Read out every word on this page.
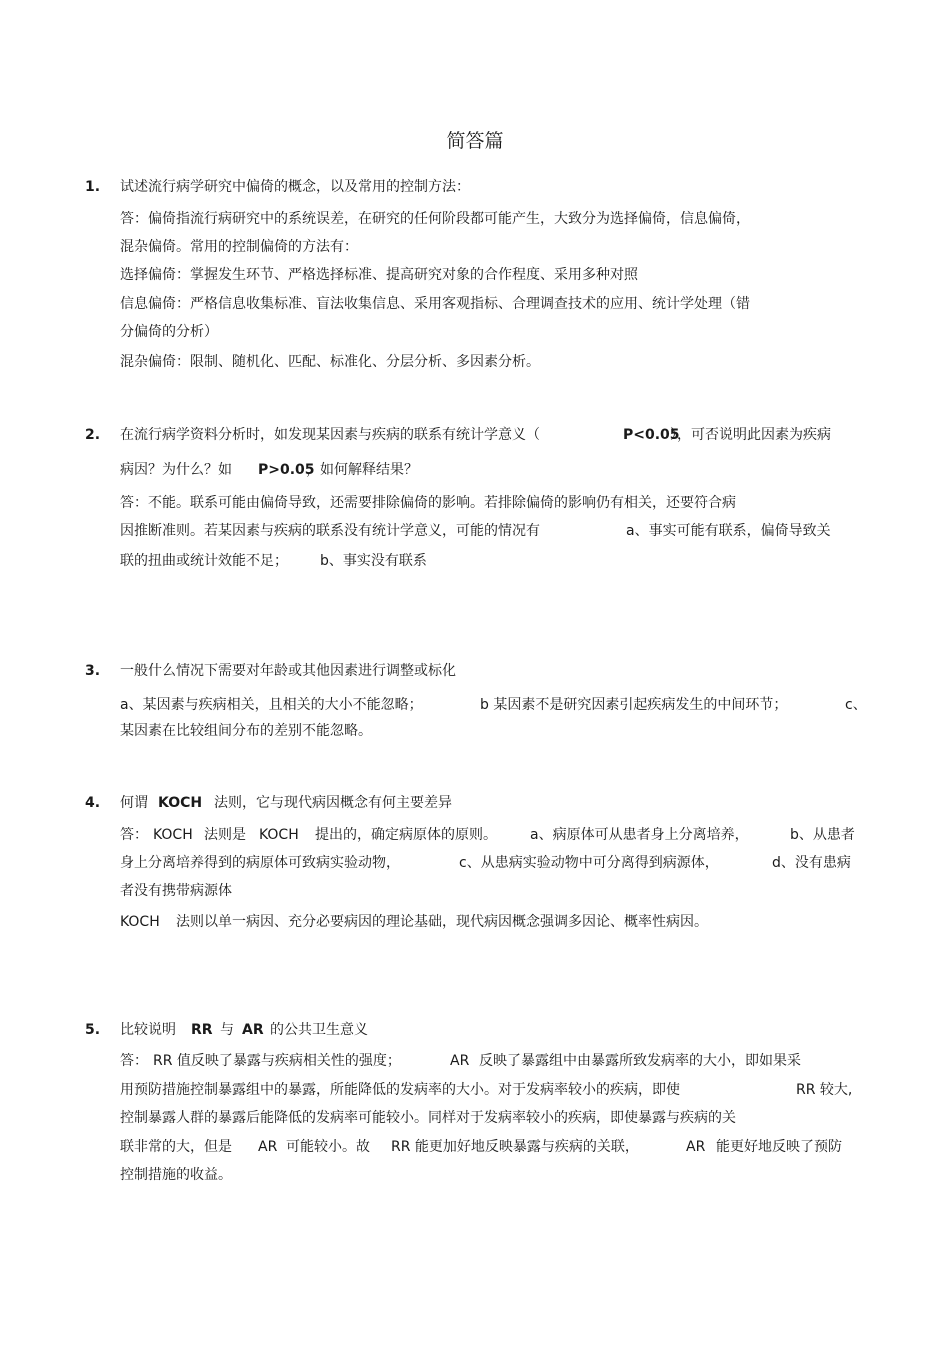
简答篇
1. 试述流行病学研究中偏倚的概念，以及常用的控制方法：
答：偏倚指流行病研究中的系统误差，在研究的任何阶段都可能产生，大致分为选择偏倚，信息偏倚，
混杂偏倚。常用的控制偏倚的方法有：
选择偏倚：掌握发生环节、严格选择标准、提高研究对象的合作程度、采用多种对照
信息偏倚：严格信息收集标准、盲法收集信息、采用客观指标、合理调查技术的应用、统计学处理（错
分偏倚的分析）
混杂偏倚：限制、随机化、匹配、标准化、分层分析、多因素分析。
2. 在流行病学资料分析时，如发现某因素与疾病的联系有统计学意义（	P<0.05
），可否说明此因素为疾病
病因？为什么？如 P>0.05
，如何解释结果？
答：不能。联系可能由偏倚导致，还需要排除偏倚的影响。若排除偏倚的影响仍有相关，还要符合病
因推断准则。若某因素与疾病的联系没有统计学意义，可能的情况有	a、事实可能有联系，偏倚导致关
联的扭曲或统计效能不足； b、事实没有联系
3. 一般什么情况下需要对年龄或其他因素进行调整或标化
a、某因素与疾病相关，且相关的大小不能忽略；	b 某因素不是研究因素引起疾病发生的中间环节；	c、
某因素在比较组间分布的差别不能忽略。
4. 何谓 KOCH 法则，它与现代病因概念有何主要差异
答： KOCH 法则是 KOCH 提出的，确定病原体的原则。 a、病原体可从患者身上分离培养，	b、从患者
身上分离培养得到的病原体可致病实验动物，	c、从患病实验动物中可分离得到病源体，	d、没有患病
者没有携带病源体
KOCH 法则以单一病因、充分必要病因的理论基础，现代病因概念强调多因论、概率性病因。
5. 比较说明 RR 与 AR 的公共卫生意义
答： RR 值反映了暴露与疾病相关性的强度；	AR 反映了暴露组中由暴露所致发病率的大小，即如果采
用预防措施控制暴露组中的暴露，所能降低的发病率的大小。对于发病率较小的疾病，即使	RR 较大,
控制暴露人群的暴露后能降低的发病率可能较小。同样对于发病率较小的疾病，即使暴露与疾病的关
联非常的大，但是 AR 可能较小。故 RR 能更加好地反映暴露与疾病的关联，	AR 能更好地反映了预防
控制措施的收益。
